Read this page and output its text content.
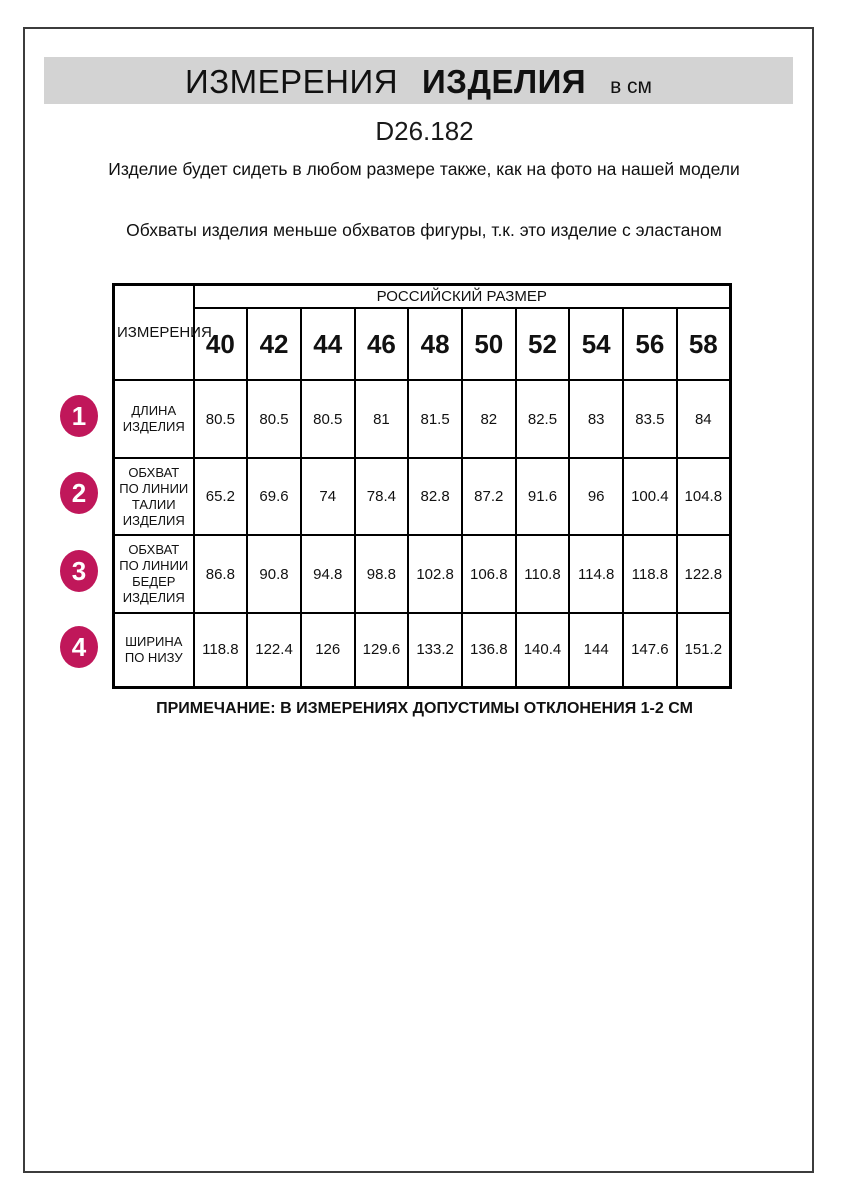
ИЗМЕРЕНИЯ ИЗДЕЛИЯ в см
D26.182

Изделие будет сидеть в любом размере также, как на фото на нашей модели

Обхваты изделия меньше обхватов фигуры, т.к. это изделие с эластаном

ИЗМЕРЕНИЯ	РОССИЙСКИЙ РАЗМЕР									
	40	42	44	46	48	50	52	54	56	58
ДЛИНА ИЗДЕЛИЯ	80.5	80.5	80.5	81	81.5	82	82.5	83	83.5	84
ОБХВАТ ПО ЛИНИИ ТАЛИИ ИЗДЕЛИЯ	65.2	69.6	74	78.4	82.8	87.2	91.6	96	100.4	104.8
ОБХВАТ ПО ЛИНИИ БЕДЕР ИЗДЕЛИЯ	86.8	90.8	94.8	98.8	102.8	106.8	110.8	114.8	118.8	122.8
ШИРИНА ПО НИЗУ	118.8	122.4	126	129.6	133.2	136.8	140.4	144	147.6	151.2
1
2
3
4
ПРИМЕЧАНИЕ: В ИЗМЕРЕНИЯХ ДОПУСТИМЫ ОТКЛОНЕНИЯ 1-2 СМ
